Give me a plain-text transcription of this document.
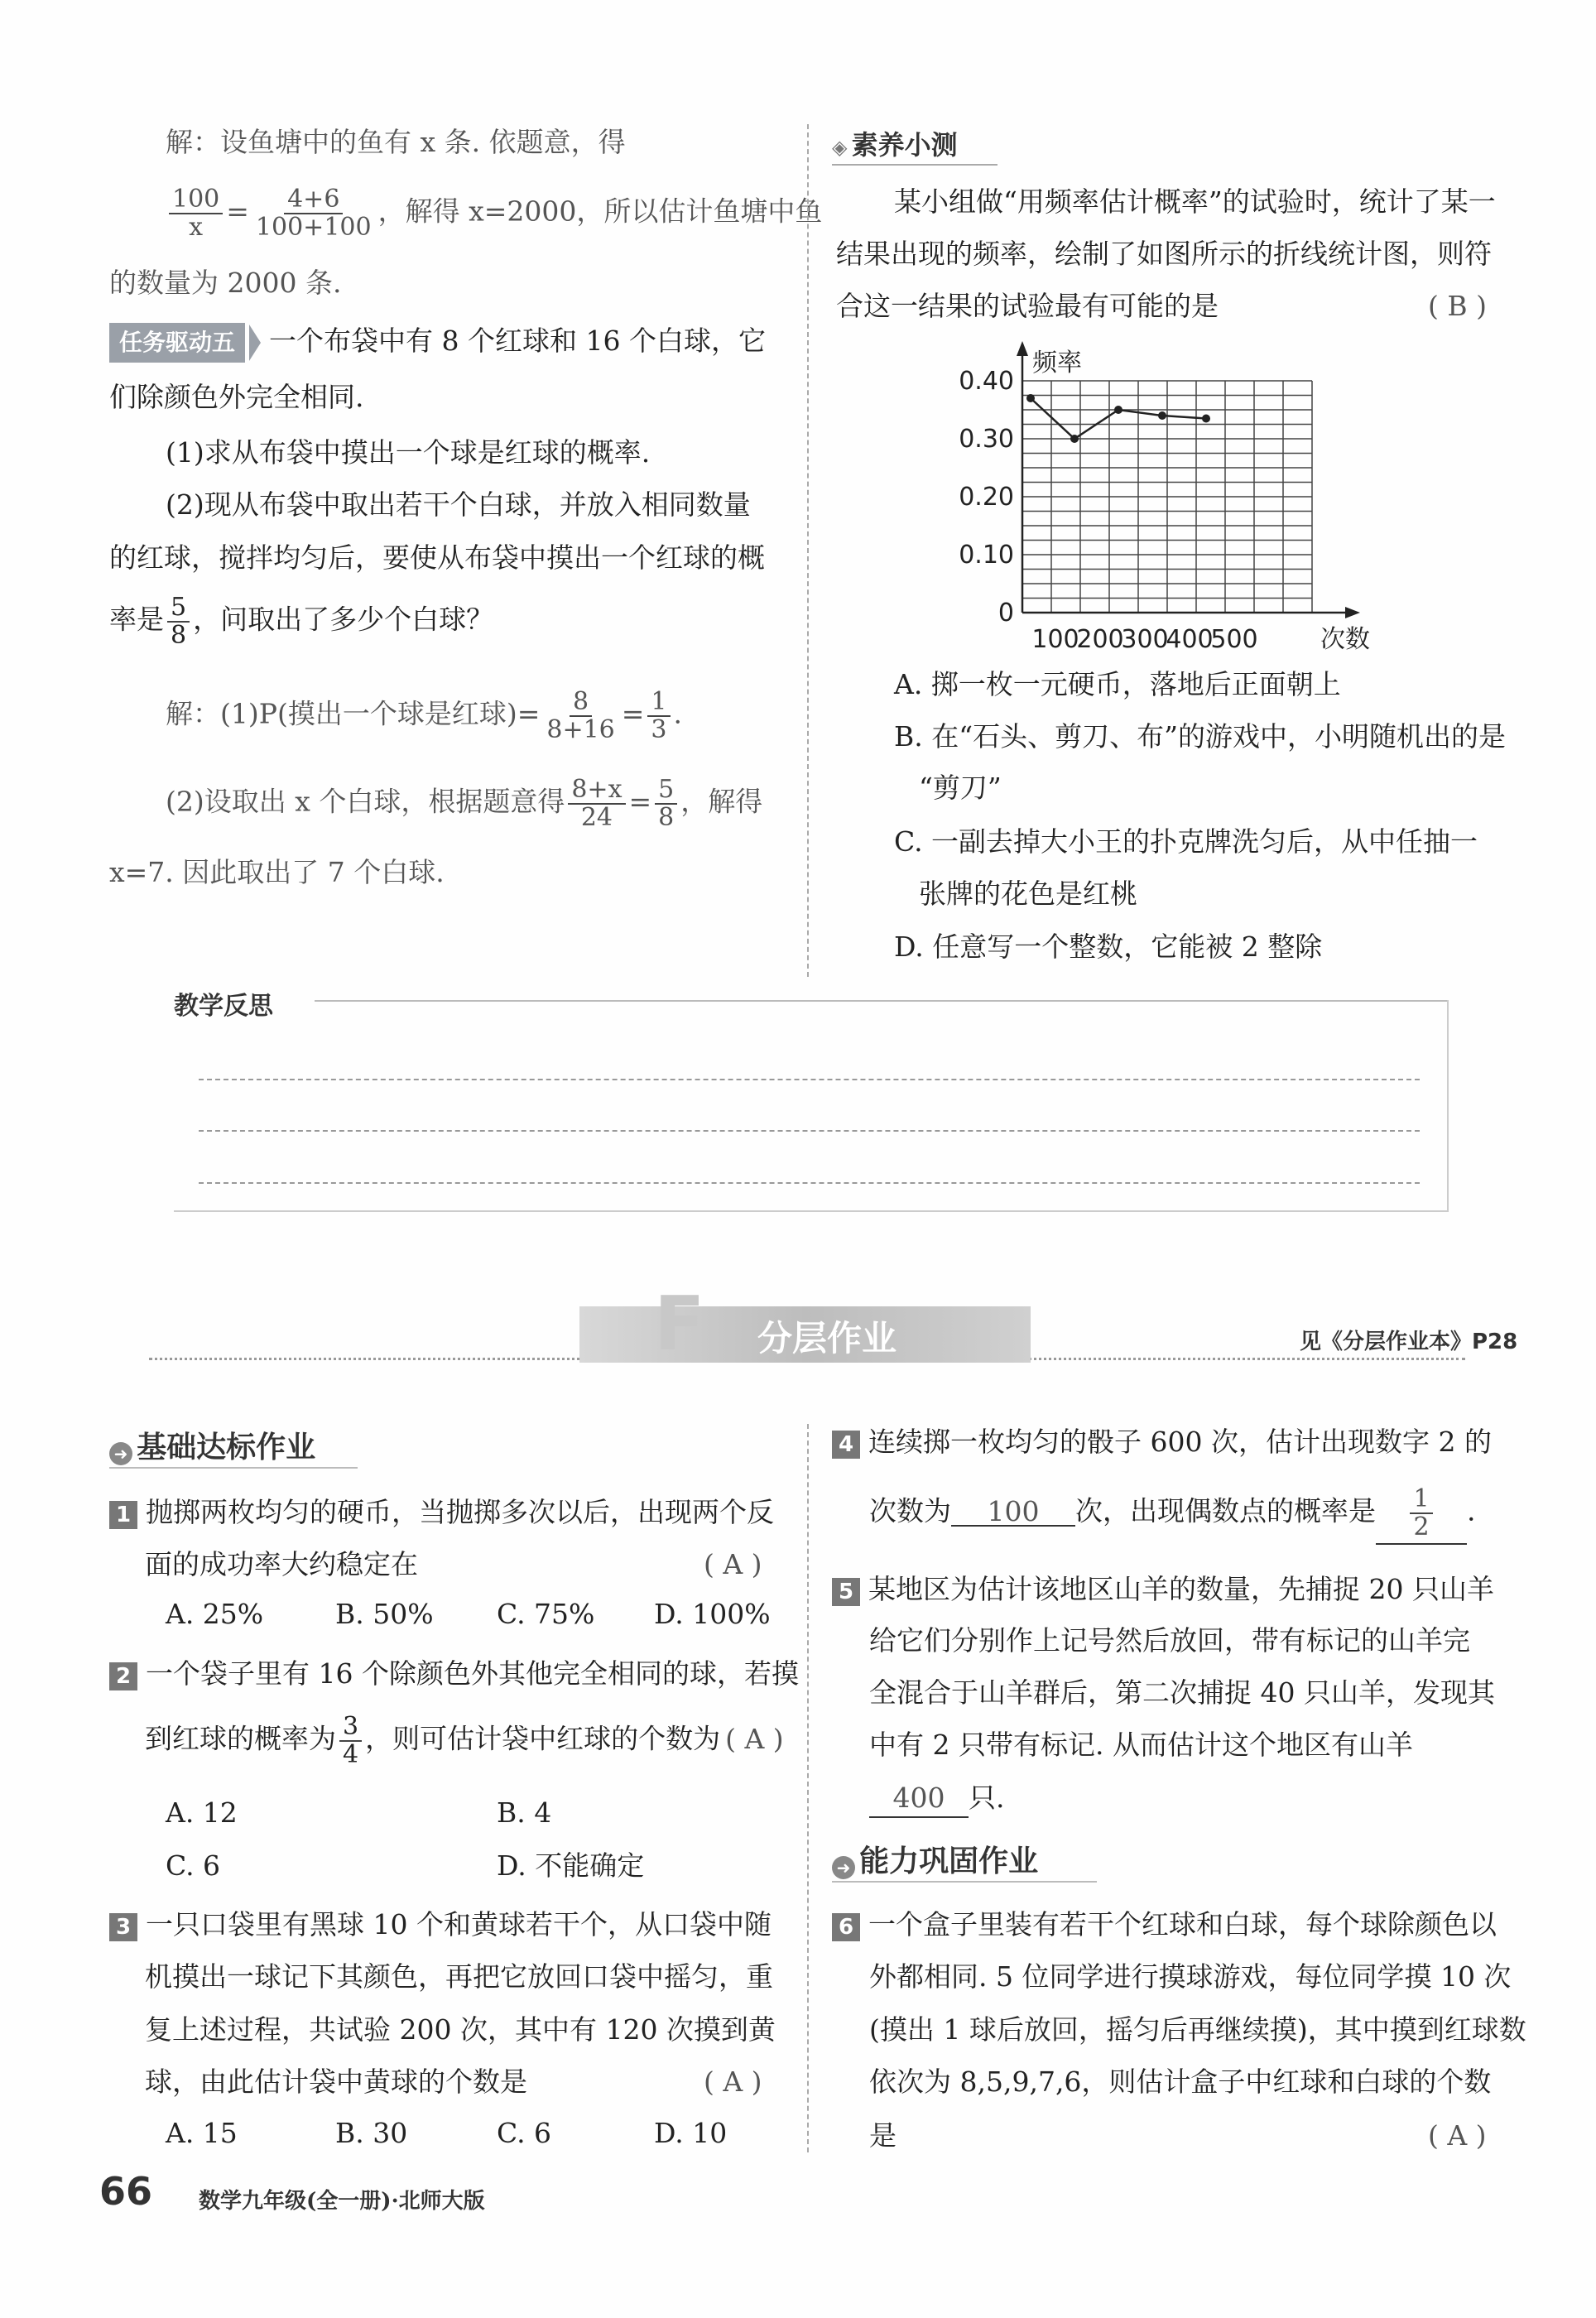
解：设鱼塘中的鱼有 x 条. 依题意，得
$\frac{100}{x} = \frac{4+6}{100+100}$ ，解得 x=2000，所以估计鱼塘中鱼
的数量为 2000 条.
任务驱动五 一个布袋中有 8 个红球和 16 个白球，它
们除颜色外完全相同.
(1)求从布袋中摸出一个球是红球的概率.
(2)现从布袋中取出若干个白球，并放入相同数量
的红球，搅拌均匀后，要使从布袋中摸出一个红球的概
率是 $\frac{5}{8}$ ，问取出了多少个白球？
解：(1)P(摸出一个球是红球)= $\frac{8}{8+16} = \frac{1}{3}$ .
(2)设取出 x 个白球，根据题意得 $\frac{8+x}{24} = \frac{5}{8}$ ，解得
x=7. 因此取出了 7 个白球.
◈ 素养小测
某小组做“用频率估计概率”的试验时，统计了某一
结果出现的频率，绘制了如图所示的折线统计图，则符
合这一结果的试验最有可能的是	( B )
0
0.10
0.20
0.30
0.40
100
200
300
400
500
频率
次数
A. 掷一枚一元硬币，落地后正面朝上
B. 在“石头、剪刀、布”的游戏中，小明随机出的是
“剪刀”
C. 一副去掉大小王的扑克牌洗匀后，从中任抽一
张牌的花色是红桃
D. 任意写一个整数，它能被 2 整除
教学反思
F 分层作业	见《分层作业本》P28
➜ 基础达标作业
1 抛掷两枚均匀的硬币，当抛掷多次以后，出现两个反
面的成功率大约稳定在	( A )
A. 25%	B. 50% C. 75% D. 100%
2 一个袋子里有 16 个除颜色外其他完全相同的球，若摸
到红球的概率为 $\frac{3}{4}$ ，则可估计袋中红球的个数为 ( A )
A. 12	B. 4
C. 6	D. 不能确定
3 一只口袋里有黑球 10 个和黄球若干个，从口袋中随
机摸出一球记下其颜色，再把它放回口袋中摇匀，重
复上述过程，共试验 200 次，其中有 120 次摸到黄
球，由此估计袋中黄球的个数是	( A )
A. 15	B. 30	C. 6	D. 10
4 连续掷一枚均匀的骰子 600 次，估计出现数字 2 的
次数为 100 次，出现偶数点的概率是 $\frac{1}{2}$ .
5 某地区为估计该地区山羊的数量，先捕捉 20 只山羊
给它们分别作上记号然后放回，带有标记的山羊完
全混合于山羊群后，第二次捕捉 40 只山羊，发现其
中有 2 只带有标记. 从而估计这个地区有山羊
400 只.
➜ 能力巩固作业
6 一个盒子里装有若干个红球和白球，每个球除颜色以
外都相同. 5 位同学进行摸球游戏，每位同学摸 10 次
(摸出 1 球后放回，摇匀后再继续摸)，其中摸到红球数
依次为 8,5,9,7,6，则估计盒子中红球和白球的个数
是	( A )
66 数学九年级(全一册)·北师大版
